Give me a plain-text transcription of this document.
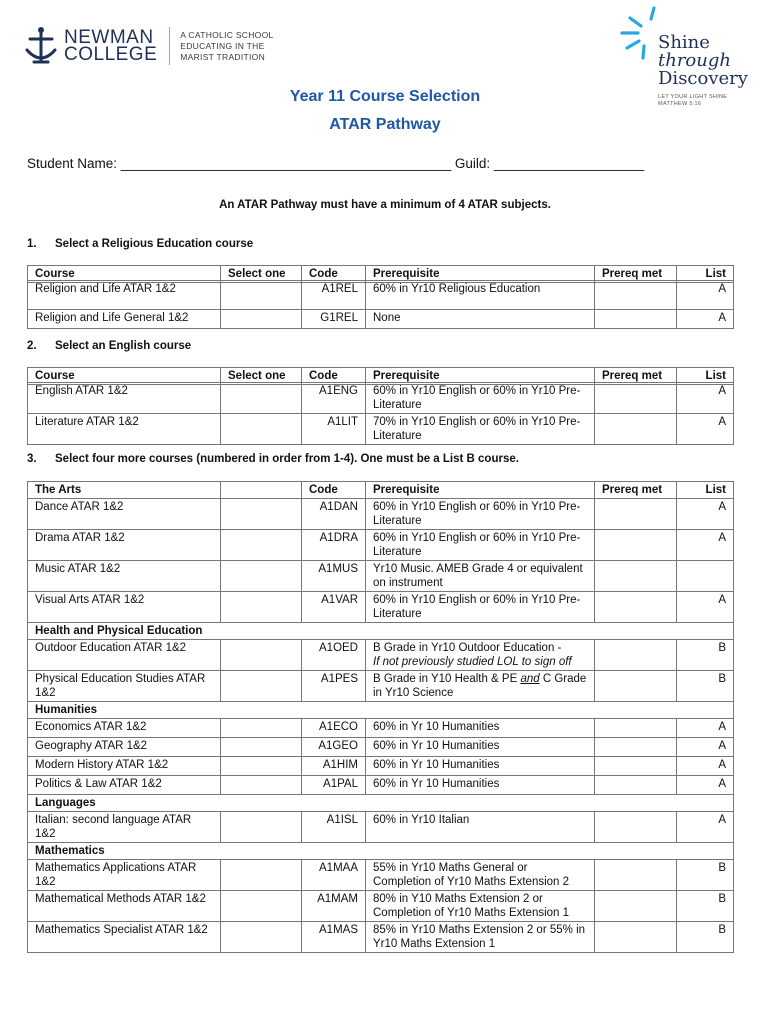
NEWMAN
COLLEGE
A CATHOLIC SCHOOL
EDUCATING IN THE
MARIST TRADITION
Shine
through
Discovery
LET YOUR LIGHT SHINE
MATTHEW 5:16
Year 11 Course Selection
ATAR Pathway
Student Name: ____________________________________________ Guild: ____________________
An ATAR Pathway must have a minimum of 4 ATAR subjects.
1. Select a Religious Education course
Course	Select one	Code	Prerequisite	Prereq met	List
Religion and Life ATAR 1&2		A1REL	60% in Yr10 Religious Education		A
Religion and Life General 1&2		G1REL	None		A
2. Select an English course
Course	Select one	Code	Prerequisite	Prereq met	List
English ATAR 1&2		A1ENG	60% in Yr10 English or 60% in Yr10 Pre-Literature		A
Literature ATAR 1&2		A1LIT	70% in Yr10 English or 60% in Yr10 Pre-Literature		A
3. Select four more courses (numbered in order from 1-4). One must be a List B course.
The Arts		Code	Prerequisite	Prereq met	List
Dance ATAR 1&2		A1DAN	60% in Yr10 English or 60% in Yr10 Pre-Literature		A
Drama ATAR 1&2		A1DRA	60% in Yr10 English or 60% in Yr10 Pre-Literature		A
Music ATAR 1&2		A1MUS	Yr10 Music. AMEB Grade 4 or equivalent on instrument		
Visual Arts ATAR 1&2		A1VAR	60% in Yr10 English or 60% in Yr10 Pre-Literature		A
Health and Physical Education					
Outdoor Education ATAR 1&2		A1OED	B Grade in Yr10 Outdoor Education -
If not previously studied LOL to sign off		B
Physical Education Studies ATAR 1&2		A1PES	B Grade in Y10 Health & PE and C Grade in Yr10 Science		B
Humanities					
Economics ATAR 1&2		A1ECO	60% in Yr 10 Humanities		A
Geography ATAR 1&2		A1GEO	60% in Yr 10 Humanities		A
Modern History ATAR 1&2		A1HIM	60% in Yr 10 Humanities		A
Politics & Law ATAR 1&2		A1PAL	60% in Yr 10 Humanities		A
Languages					
Italian: second language ATAR 1&2		A1ISL	60% in Yr10 Italian		A
Mathematics					
Mathematics Applications ATAR 1&2		A1MAA	55% in Yr10 Maths General or Completion of Yr10 Maths Extension 2		B
Mathematical Methods ATAR 1&2		A1MAM	80% in Y10 Maths Extension 2 or Completion of Yr10 Maths Extension 1		B
Mathematics Specialist ATAR 1&2		A1MAS	85% in Yr10 Maths Extension 2 or 55% in Yr10 Maths Extension 1		B
